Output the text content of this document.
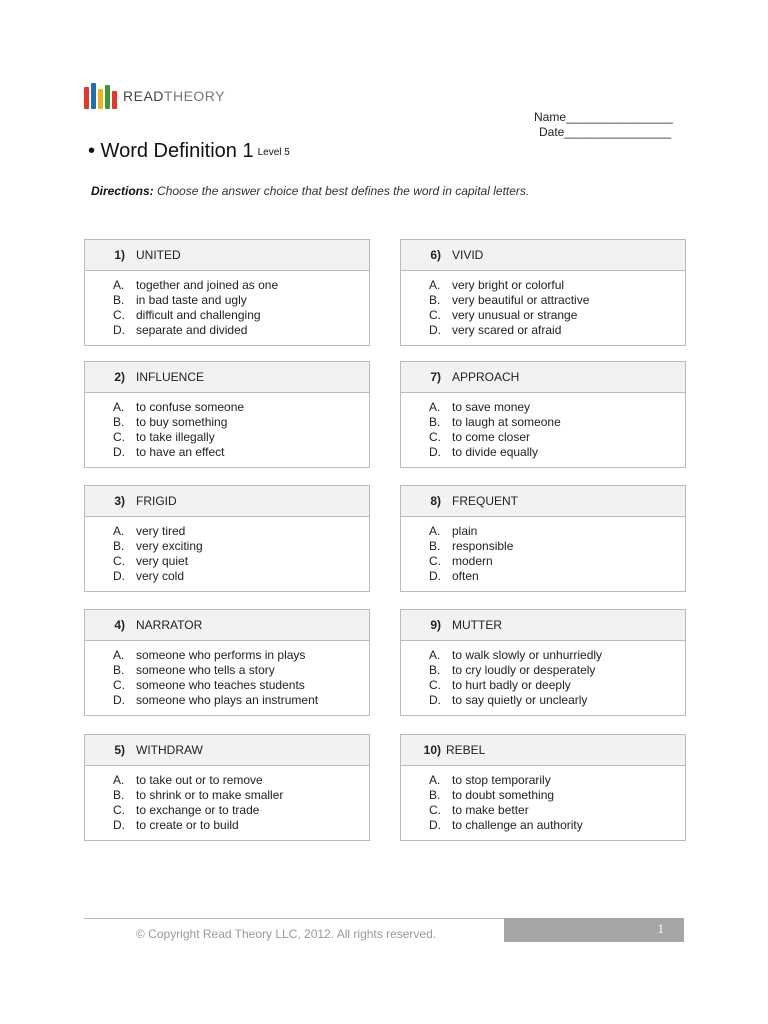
READTHEORY
Name________________
Date________________
• Word Definition 1 Level 5
Directions: Choose the answer choice that best defines the word in capital letters.
1) UNITED
A. together and joined as one
B. in bad taste and ugly
C. difficult and challenging
D. separate and divided
2) INFLUENCE
A. to confuse someone
B. to buy something
C. to take illegally
D. to have an effect
3) FRIGID
A. very tired
B. very exciting
C. very quiet
D. very cold
4) NARRATOR
A. someone who performs in plays
B. someone who tells a story
C. someone who teaches students
D. someone who plays an instrument
5) WITHDRAW
A. to take out or to remove
B. to shrink or to make smaller
C. to exchange or to trade
D. to create or to build
6) VIVID
A. very bright or colorful
B. very beautiful or attractive
C. very unusual or strange
D. very scared or afraid
7) APPROACH
A. to save money
B. to laugh at someone
C. to come closer
D. to divide equally
8) FREQUENT
A. plain
B. responsible
C. modern
D. often
9) MUTTER
A. to walk slowly or unhurriedly
B. to cry loudly or desperately
C. to hurt badly or deeply
D. to say quietly or unclearly
10) REBEL
A. to stop temporarily
B. to doubt something
C. to make better
D. to challenge an authority
© Copyright Read Theory LLC, 2012. All rights reserved.	1
